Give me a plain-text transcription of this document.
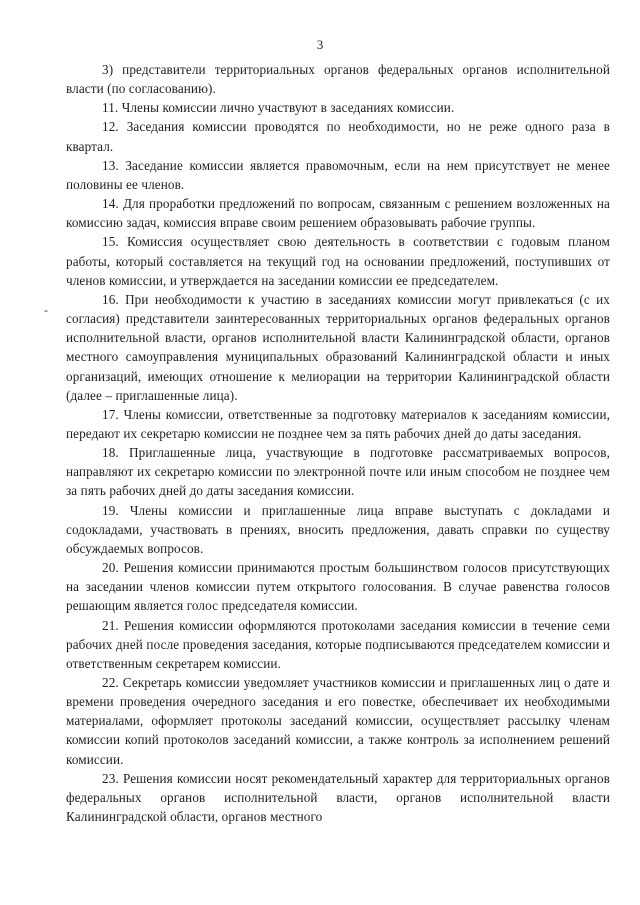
3
-

3) представители территориальных органов федеральных органов исполнительной власти (по согласованию).

11. Члены комиссии лично участвуют в заседаниях комиссии.

12. Заседания комиссии проводятся по необходимости, но не реже одного раза в квартал.

13. Заседание комиссии является правомочным, если на нем присутствует не менее половины ее членов.

14. Для проработки предложений по вопросам, связанным с решением возложенных на комиссию задач, комиссия вправе своим решением образовывать рабочие группы.

15. Комиссия осуществляет свою деятельность в соответствии с годовым планом работы, который составляется на текущий год на основании предложений, поступивших от членов комиссии, и утверждается на заседании комиссии ее председателем.

16. При необходимости к участию в заседаниях комиссии могут привлекаться (с их согласия) представители заинтересованных территориальных органов федеральных органов исполнительной власти, органов исполнительной власти Калининградской области, органов местного самоуправления муниципальных образований Калининградской области и иных организаций, имеющих отношение к мелиорации на территории Калининградской области (далее – приглашенные лица).

17. Члены комиссии, ответственные за подготовку материалов к заседаниям комиссии, передают их секретарю комиссии не позднее чем за пять рабочих дней до даты заседания.

18. Приглашенные лица, участвующие в подготовке рассматриваемых вопросов, направляют их секретарю комиссии по электронной почте или иным способом не позднее чем за пять рабочих дней до даты заседания комиссии.

19. Члены комиссии и приглашенные лица вправе выступать с докладами и содокладами, участвовать в прениях, вносить предложения, давать справки по существу обсуждаемых вопросов.

20. Решения комиссии принимаются простым большинством голосов присутствующих на заседании членов комиссии путем открытого голосования. В случае равенства голосов решающим является голос председателя комиссии.

21. Решения комиссии оформляются протоколами заседания комиссии в течение семи рабочих дней после проведения заседания, которые подписываются председателем комиссии и ответственным секретарем комиссии.

22. Секретарь комиссии уведомляет участников комиссии и приглашенных лиц о дате и времени проведения очередного заседания и его повестке, обеспечивает их необходимыми материалами, оформляет протоколы заседаний комиссии, осуществляет рассылку членам комиссии копий протоколов заседаний комиссии, а также контроль за исполнением решений комиссии.

23. Решения комиссии носят рекомендательный характер для территориальных органов федеральных органов исполнительной власти, органов исполнительной власти Калининградской области, органов местного
